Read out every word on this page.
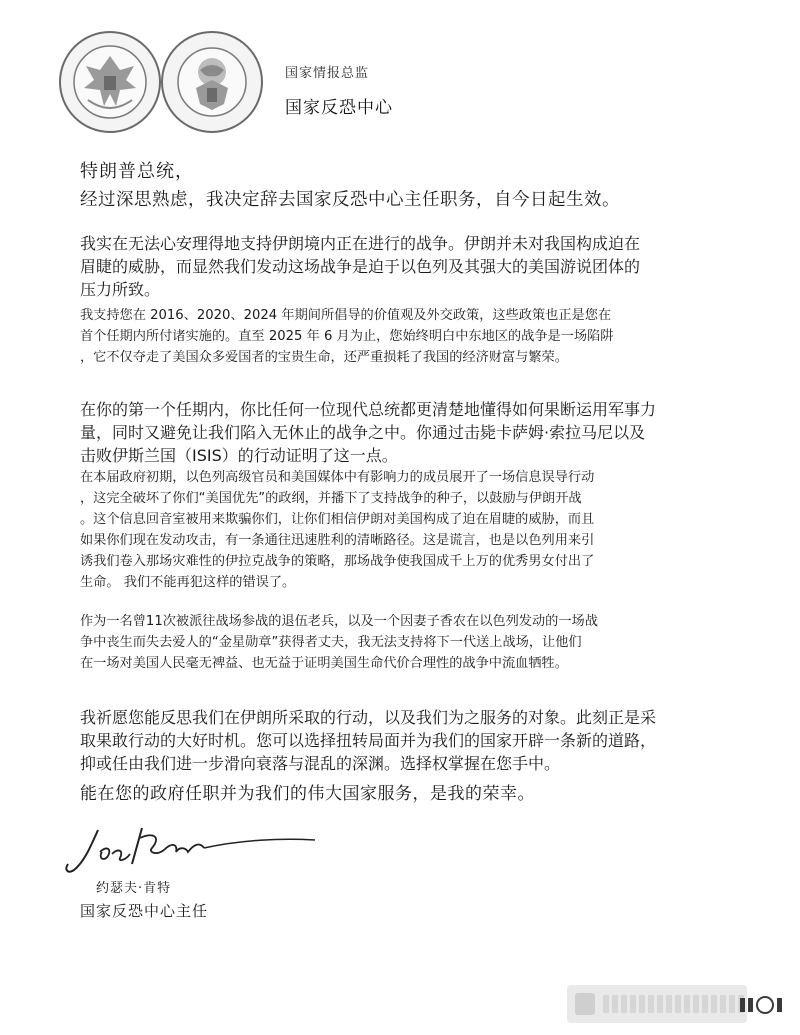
国家情报总监
国家反恐中心
特朗普总统，
经过深思熟虑，我决定辞去国家反恐中心主任职务，自今日起生效。
我实在无法心安理得地支持伊朗境内正在进行的战争。伊朗并未对我国构成迫在
眉睫的威胁，而显然我们发动这场战争是迫于以色列及其强大的美国游说团体的
压力所致。
我支持您在 2016、2020、2024 年期间所倡导的价值观及外交政策，这些政策也正是您在
首个任期内所付诸实施的。直至 2025 年 6 月为止，您始终明白中东地区的战争是一场陷阱
，它不仅夺走了美国众多爱国者的宝贵生命，还严重损耗了我国的经济财富与繁荣。
在你的第一个任期内，你比任何一位现代总统都更清楚地懂得如何果断运用军事力
量，同时又避免让我们陷入无休止的战争之中。你通过击毙卡萨姆·索拉马尼以及
击败伊斯兰国（ISIS）的行动证明了这一点。
在本届政府初期，以色列高级官员和美国媒体中有影响力的成员展开了一场信息误导行动
，这完全破坏了你们“美国优先”的政纲，并播下了支持战争的种子，以鼓励与伊朗开战
。这个信息回音室被用来欺骗你们，让你们相信伊朗对美国构成了迫在眉睫的威胁，而且
如果你们现在发动攻击，有一条通往迅速胜利的清晰路径。这是谎言，也是以色列用来引
诱我们卷入那场灾难性的伊拉克战争的策略，那场战争使我国成千上万的优秀男女付出了
生命。 我们不能再犯这样的错误了。
作为一名曾11次被派往战场参战的退伍老兵，以及一个因妻子香农在以色列发动的一场战
争中丧生而失去爱人的“金星勋章”获得者丈夫，我无法支持将下一代送上战场，让他们
在一场对美国人民毫无裨益、也无益于证明美国生命代价合理性的战争中流血牺牲。
我祈愿您能反思我们在伊朗所采取的行动，以及我们为之服务的对象。此刻正是采
取果敢行动的大好时机。您可以选择扭转局面并为我们的国家开辟一条新的道路，
抑或任由我们进一步滑向衰落与混乱的深渊。选择权掌握在您手中。
能在您的政府任职并为我们的伟大国家服务，是我的荣幸。
约瑟夫·肯特
国家反恐中心主任
